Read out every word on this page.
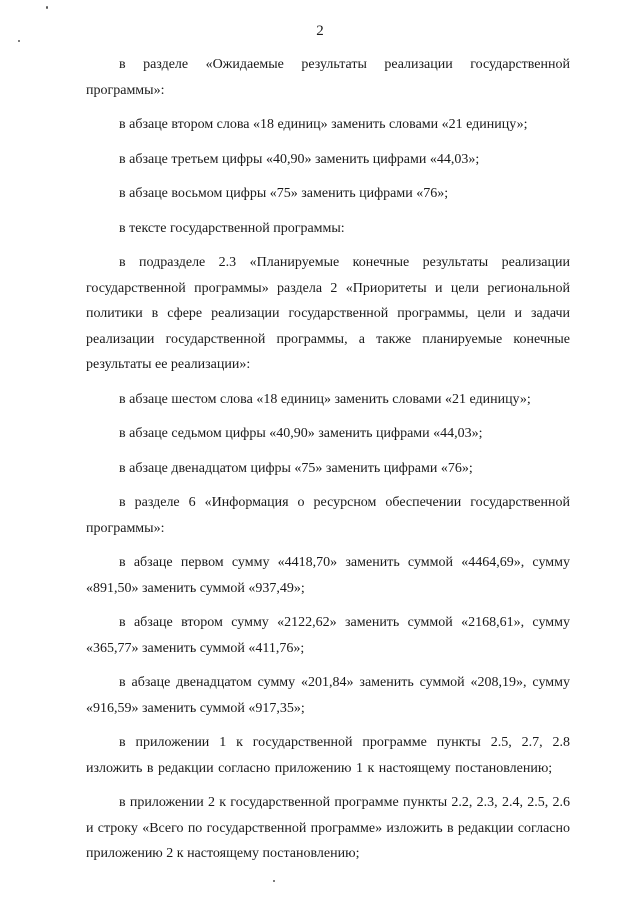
2

в разделе «Ожидаемые результаты реализации государственной программы»:

в абзаце втором слова «18 единиц» заменить словами «21 единицу»;

в абзаце третьем цифры «40,90» заменить цифрами «44,03»;

в абзаце восьмом цифры «75» заменить цифрами «76»;

в тексте государственной программы:

в подразделе 2.3 «Планируемые конечные результаты реализации государственной программы» раздела 2 «Приоритеты и цели региональной политики в сфере реализации государственной программы, цели и задачи реализации государственной программы, а также планируемые конечные результаты ее реализации»:

в абзаце шестом слова «18 единиц» заменить словами «21 единицу»;

в абзаце седьмом цифры «40,90» заменить цифрами «44,03»;

в абзаце двенадцатом цифры «75» заменить цифрами «76»;

в разделе 6 «Информация о ресурсном обеспечении государственной программы»:

в абзаце первом сумму «4418,70» заменить суммой «4464,69», сумму «891,50» заменить суммой «937,49»;

в абзаце втором сумму «2122,62» заменить суммой «2168,61», сумму «365,77» заменить суммой «411,76»;

в абзаце двенадцатом сумму «201,84» заменить суммой «208,19», сумму «916,59» заменить суммой «917,35»;

в приложении 1 к государственной программе пункты 2.5, 2.7, 2.8 изложить в редакции согласно приложению 1 к настоящему постановлению;

в приложении 2 к государственной программе пункты 2.2, 2.3, 2.4, 2.5, 2.6 и строку «Всего по государственной программе» изложить в редакции согласно приложению 2 к настоящему постановлению;
